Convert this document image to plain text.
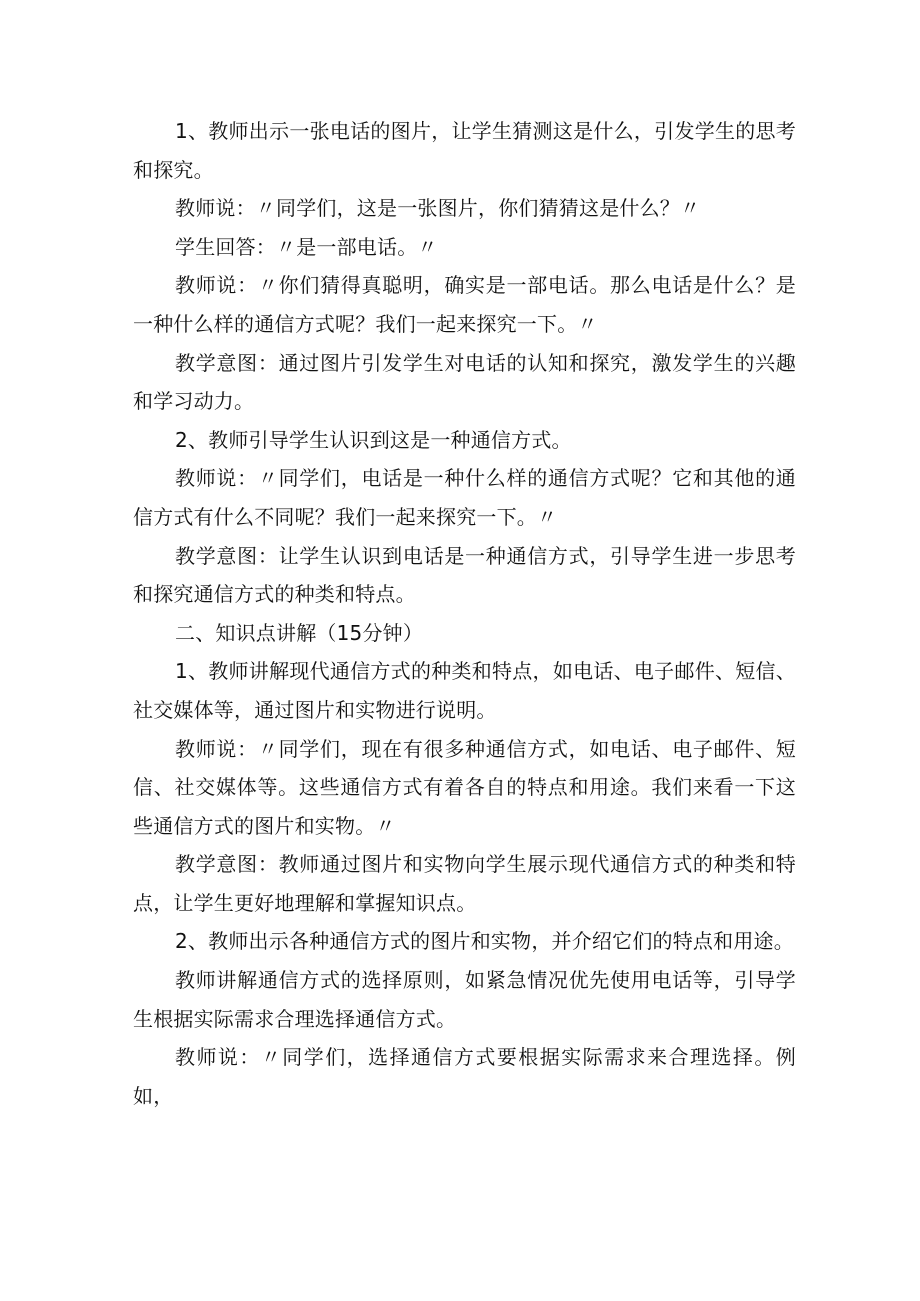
1、教师出示一张电话的图片，让学生猜测这是什么，引发学生的思考和探究。

教师说：〃同学们，这是一张图片，你们猜猜这是什么？〃

学生回答：〃是一部电话。〃

教师说：〃你们猜得真聪明，确实是一部电话。那么电话是什么？是一种什么样的通信方式呢？我们一起来探究一下。〃

教学意图：通过图片引发学生对电话的认知和探究，激发学生的兴趣和学习动力。

2、教师引导学生认识到这是一种通信方式。

教师说：〃同学们，电话是一种什么样的通信方式呢？它和其他的通信方式有什么不同呢？我们一起来探究一下。〃

教学意图：让学生认识到电话是一种通信方式，引导学生进一步思考和探究通信方式的种类和特点。

二、知识点讲解（15分钟）

1、教师讲解现代通信方式的种类和特点，如电话、电子邮件、短信、社交媒体等，通过图片和实物进行说明。

教师说：〃同学们，现在有很多种通信方式，如电话、电子邮件、短信、社交媒体等。这些通信方式有着各自的特点和用途。我们来看一下这些通信方式的图片和实物。〃

教学意图：教师通过图片和实物向学生展示现代通信方式的种类和特点，让学生更好地理解和掌握知识点。

2、教师出示各种通信方式的图片和实物，并介绍它们的特点和用途。

教师讲解通信方式的选择原则，如紧急情况优先使用电话等，引导学生根据实际需求合理选择通信方式。

教师说：〃同学们，选择通信方式要根据实际需求来合理选择。例如，
